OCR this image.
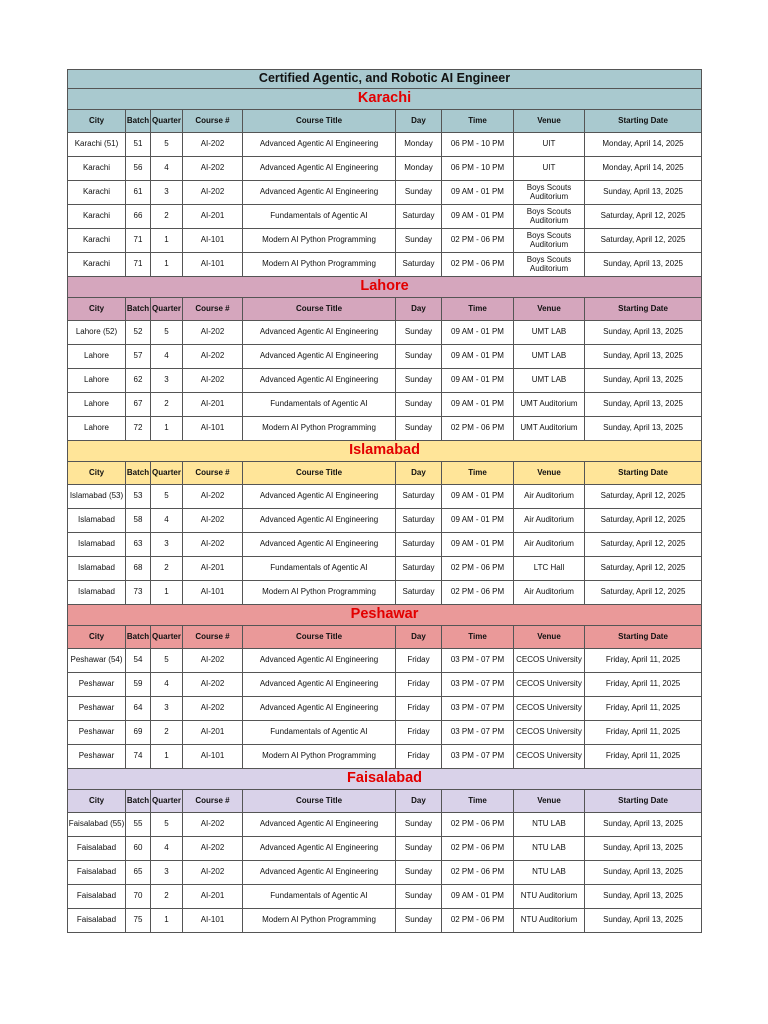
Certified Agentic, and Robotic AI Engineer								
Karachi								
City	Batch	Quarter	Course #	Course Title	Day	Time	Venue	Starting Date
Karachi (51)	51	5	AI-202	Advanced Agentic AI Engineering	Monday	06 PM - 10 PM	UIT	Monday, April 14, 2025
Karachi	56	4	AI-202	Advanced Agentic AI Engineering	Monday	06 PM - 10 PM	UIT	Monday, April 14, 2025
Karachi	61	3	AI-202	Advanced Agentic AI Engineering	Sunday	09 AM - 01 PM	Boys Scouts Auditorium	Sunday, April 13, 2025
Karachi	66	2	AI-201	Fundamentals of Agentic AI	Saturday	09 AM - 01 PM	Boys Scouts Auditorium	Saturday, April 12, 2025
Karachi	71	1	AI-101	Modern AI Python Programming	Sunday	02 PM - 06 PM	Boys Scouts Auditorium	Saturday, April 12, 2025
Karachi	71	1	AI-101	Modern AI Python Programming	Saturday	02 PM - 06 PM	Boys Scouts Auditorium	Sunday, April 13, 2025
Lahore								
City	Batch	Quarter	Course #	Course Title	Day	Time	Venue	Starting Date
Lahore (52)	52	5	AI-202	Advanced Agentic AI Engineering	Sunday	09 AM - 01 PM	UMT LAB	Sunday, April 13, 2025
Lahore	57	4	AI-202	Advanced Agentic AI Engineering	Sunday	09 AM - 01 PM	UMT LAB	Sunday, April 13, 2025
Lahore	62	3	AI-202	Advanced Agentic AI Engineering	Sunday	09 AM - 01 PM	UMT LAB	Sunday, April 13, 2025
Lahore	67	2	AI-201	Fundamentals of Agentic AI	Sunday	09 AM - 01 PM	UMT Auditorium	Sunday, April 13, 2025
Lahore	72	1	AI-101	Modern AI Python Programming	Sunday	02 PM - 06 PM	UMT Auditorium	Sunday, April 13, 2025
Islamabad								
City	Batch	Quarter	Course #	Course Title	Day	Time	Venue	Starting Date
Islamabad (53)	53	5	AI-202	Advanced Agentic AI Engineering	Saturday	09 AM - 01 PM	Air Auditorium	Saturday, April 12, 2025
Islamabad	58	4	AI-202	Advanced Agentic AI Engineering	Saturday	09 AM - 01 PM	Air Auditorium	Saturday, April 12, 2025
Islamabad	63	3	AI-202	Advanced Agentic AI Engineering	Saturday	09 AM - 01 PM	Air Auditorium	Saturday, April 12, 2025
Islamabad	68	2	AI-201	Fundamentals of Agentic AI	Saturday	02 PM - 06 PM	LTC Hall	Saturday, April 12, 2025
Islamabad	73	1	AI-101	Modern AI Python Programming	Saturday	02 PM - 06 PM	Air Auditorium	Saturday, April 12, 2025
Peshawar								
City	Batch	Quarter	Course #	Course Title	Day	Time	Venue	Starting Date
Peshawar (54)	54	5	AI-202	Advanced Agentic AI Engineering	Friday	03 PM - 07 PM	CECOS University	Friday, April 11, 2025
Peshawar	59	4	AI-202	Advanced Agentic AI Engineering	Friday	03 PM - 07 PM	CECOS University	Friday, April 11, 2025
Peshawar	64	3	AI-202	Advanced Agentic AI Engineering	Friday	03 PM - 07 PM	CECOS University	Friday, April 11, 2025
Peshawar	69	2	AI-201	Fundamentals of Agentic AI	Friday	03 PM - 07 PM	CECOS University	Friday, April 11, 2025
Peshawar	74	1	AI-101	Modern AI Python Programming	Friday	03 PM - 07 PM	CECOS University	Friday, April 11, 2025
Faisalabad								
City	Batch	Quarter	Course #	Course Title	Day	Time	Venue	Starting Date
Faisalabad (55)	55	5	AI-202	Advanced Agentic AI Engineering	Sunday	02 PM - 06 PM	NTU LAB	Sunday, April 13, 2025
Faisalabad	60	4	AI-202	Advanced Agentic AI Engineering	Sunday	02 PM - 06 PM	NTU LAB	Sunday, April 13, 2025
Faisalabad	65	3	AI-202	Advanced Agentic AI Engineering	Sunday	02 PM - 06 PM	NTU LAB	Sunday, April 13, 2025
Faisalabad	70	2	AI-201	Fundamentals of Agentic AI	Sunday	09 AM - 01 PM	NTU Auditorium	Sunday, April 13, 2025
Faisalabad	75	1	AI-101	Modern AI Python Programming	Sunday	02 PM - 06 PM	NTU Auditorium	Sunday, April 13, 2025
